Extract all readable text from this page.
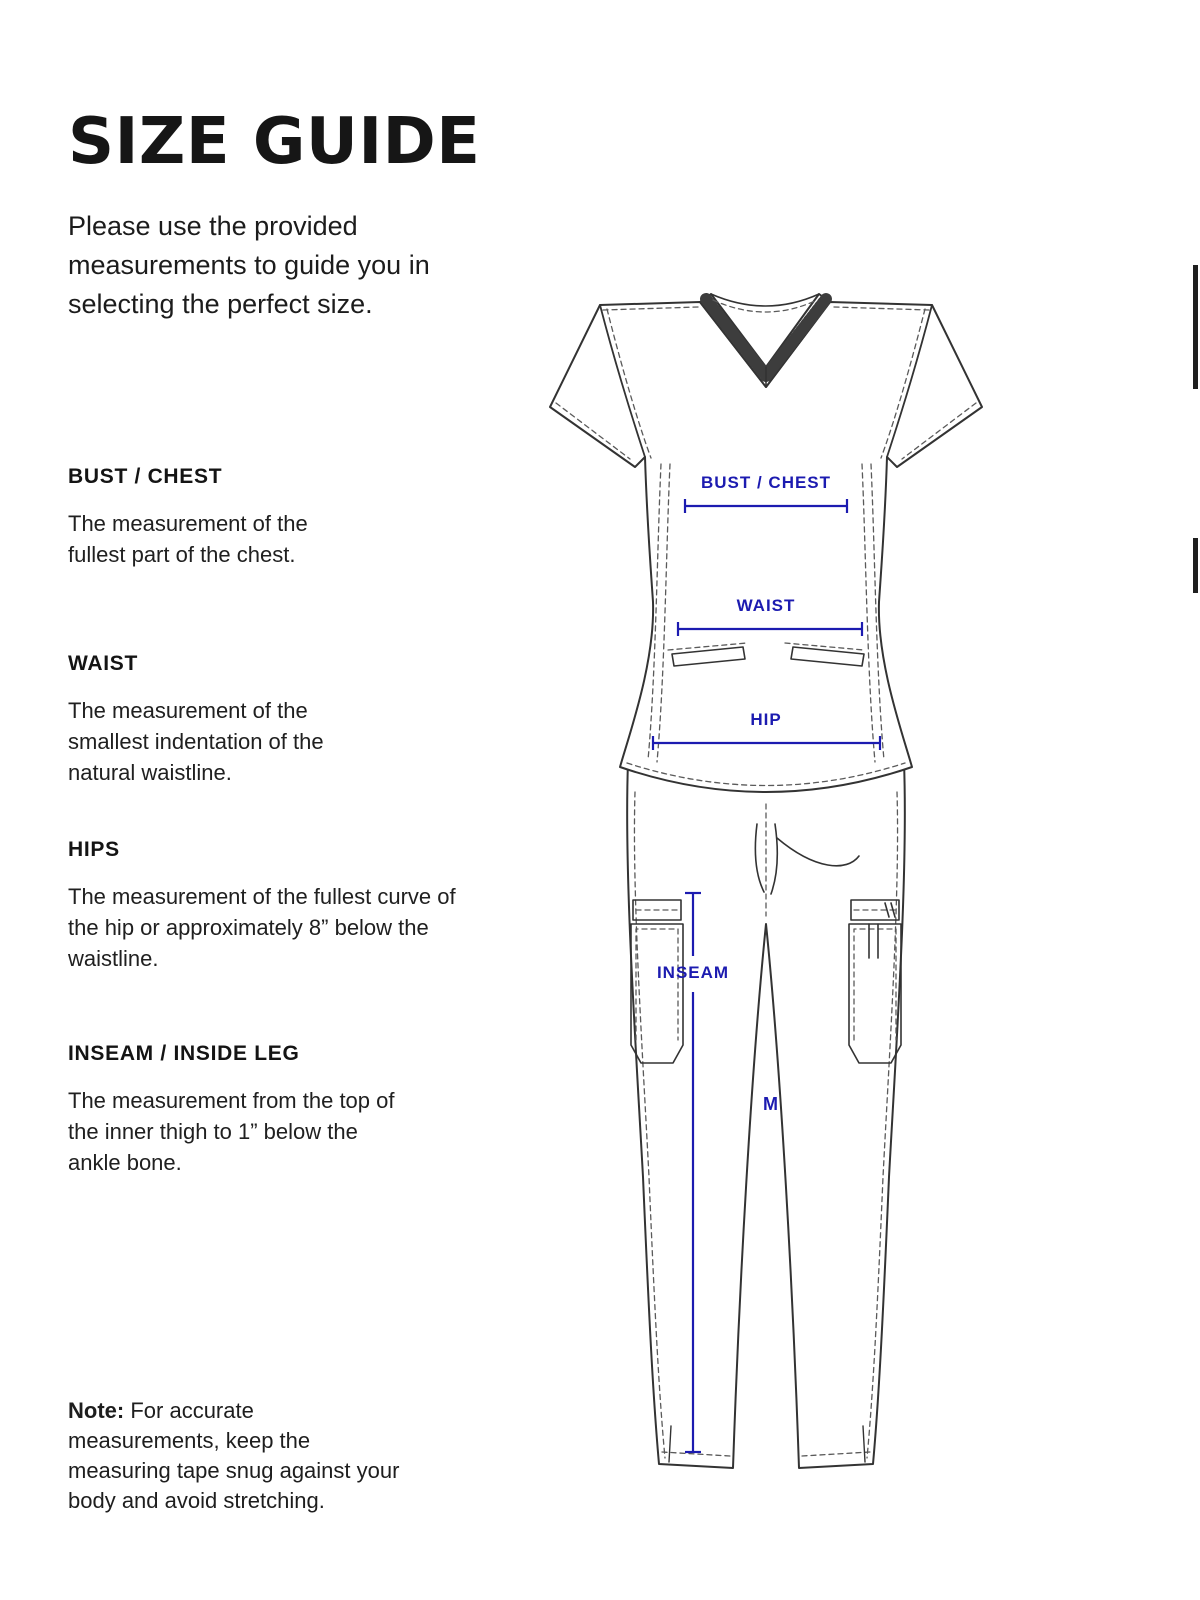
SIZE GUIDE

Please use the provided measurements to guide you in selecting the perfect size.

BUST / CHEST

The measurement of the fullest part of the chest.

WAIST

The measurement of the smallest indentation of the natural waistline.

HIPS

The measurement of the fullest curve of the hip or approximately 8” below the waistline.

INSEAM / INSIDE LEG

The measurement from the top of the inner thigh to 1” below the ankle bone.

Note: For accurate measurements, keep the measuring tape snug against your body and avoid stretching.

BUST / CHEST
WAIST
HIP
INSEAM
M
